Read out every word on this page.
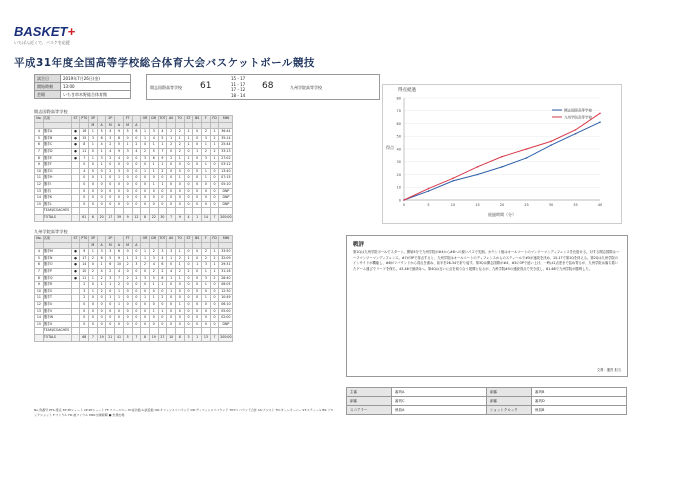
BASKET+
いちばん近くで、バスケを応援
平成31年度全国高等学校総合体育大会バスケットボール競技
試合日	2019年7月26日(金)
開始時刻	13:00
会場	いちき串木野総合体育館
開志国際高等学校 61
15 - 17
11 - 17
17 - 12
18 - 14
68	九州学院高等学校
開志国際高等学校
No.	名前	ST	PTS	3P		2P		FT		OR	DR	TOT	AS	TO	ST	BS	F	FD	MIN
				M	A	M	A	M	A										
4	選手A	●	16	1	5	4	9	5	6	1	3	4	2	2	1	0	2	1	36:44
5	選手B	●	15	3	6	3	8	0	0	1	4	5	1	1	1	0	3	2	35:14
6	選手C	●	8	1	4	2	5	1	2	0	1	1	2	2	1	0	1	1	25:44
7	選手D	●	11	0	1	4	9	3	4	2	5	7	0	2	0	1	2	2	33:13
8	選手E	●	7	1	3	2	4	0	0	3	6	9	2	1	1	0	3	1	27:02
9	選手F		0	0	1	0	0	0	0	0	1	1	0	0	0	0	1	0	03:12
10	選手G		4	0	0	2	3	0	0	1	1	2	0	0	0	0	1	0	13:40
11	選手H		0	0	1	0	1	0	0	0	0	0	0	1	0	0	1	0	07:15
12	選手I		0	0	0	0	0	0	0	0	1	1	0	0	0	0	0	0	05:10
13	選手J		0	0	0	0	0	0	0	0	0	0	0	0	0	0	0	0	DNP
14	選手K		0	0	0	0	0	0	0	0	0	0	0	0	0	0	0	0	DNP
15	選手L		0	0	0	0	0	0	0	0	0	0	0	0	0	0	0	0	DNP
	TEAM/COACHES																		
	TOTALS		61	6	20	17	39	9	12	8	22	30	7	9	4	1	14	7	200:00
九州学院高等学校
No.	名前	ST	PTS	3P		2P		FT		OR	DR	TOT	AS	TO	ST	BS	F	FD	MIN
				M	A	M	A	M	A										
4	選手M	●	9	1	3	3	6	0	0	1	2	3	3	1	0	0	2	1	33:50
5	選手N	●	17	2	6	5	9	1	2	1	3	4	1	2	1	0	2	2	32:09
6	選手O	●	14	0	1	6	10	2	3	2	4	6	0	1	0	1	3	1	29:31
7	選手P	●	10	2	4	2	4	0	0	0	2	2	4	2	2	0	1	1	31:16
8	選手Q	●	11	1	2	3	7	2	2	3	5	8	1	1	0	0	3	2	28:40
9	選手R		2	0	1	1	2	0	0	0	1	1	0	0	0	0	1	0	08:05
10	選手S		3	1	2	0	1	0	0	0	0	0	1	0	0	0	0	0	12:30
11	選手T		2	0	0	1	1	0	0	1	1	2	0	0	0	0	1	0	10:49
12	選手U		0	0	0	0	1	0	0	0	0	0	0	1	0	0	0	0	06:10
13	選手V		0	0	0	0	0	0	0	0	1	1	0	0	0	0	0	0	05:00
14	選手W		0	0	0	0	0	0	0	0	0	0	0	0	0	0	0	0	02:00
15	選手X		0	0	0	0	0	0	0	0	0	0	0	0	0	0	0	0	DNP
	TEAM/COACHES																		
	TOTALS		68	7	19	21	41	5	7	8	19	27	10	8	3	1	13	7	200:00
No:背番号 PTS:得点 3P:3Pシュート 2P:2Pシュート FT:フリースロー M:成功数 A:試投数 OR:オフェンスリバウンド DR:ディフェンスリバウンド TOT:リバウンド合計 AS:アシスト TO:ターンオーバー ST:スティール BS:ブロックショット F:ファウル FD:被ファウル MIN:出場時間 ●:先発出場
得点経過
0
10
20
30
40
50
60
70
80
0	5	10	15	20	25	30	35	40
経過時間（分）
得点
開志国際高等学校
九州学院高等学校
戦評
第1Qは九州学院ボールでスタート。開始3分で九州学院が#4から#8への鋭いパスで先制。カウント後はオールコートのマンツーマンディフェンスを仕掛ける。対する開志国際はハーフマンツーマンディフェンス。#7が3Pで得点すると、九州学院はオールコートのディフェンスからのスティールで#5が速攻を決め、15-17で第1Qを終える。第2Qは九州学院のインサイドが機能し、#6がリバウンドから得点を重ね、前半を26-34で折り返す。第3Qは開志国際が#4、#5の3Pで追い上げ、一時は2点差まで詰め寄るが、九州学院は落ち着いたゲーム運びでリードを保ち、43-46で最終Qへ。第4Qは互いに点を取り合う展開となるが、九州学院#5の連続得点で突き放し、61-68で九州学院が勝利した。
文責：運営 担当
主審	審判A	副審	審判B
副審	審判C	副審	審判D
スコアラー	係員A	ショットクロック	係員B
